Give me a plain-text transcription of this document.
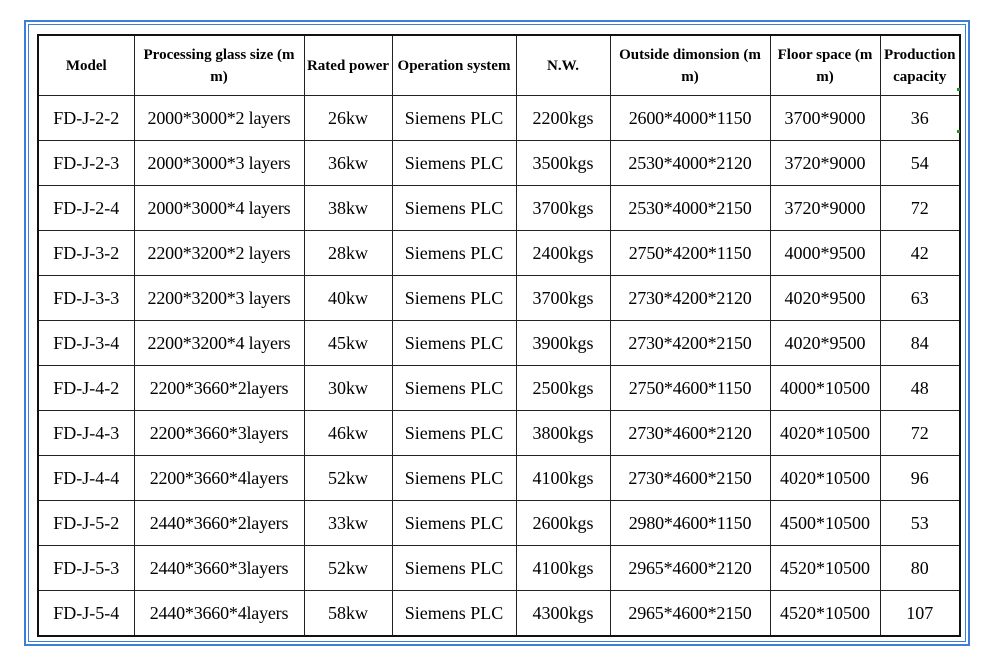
Model	Processing glass size (mm)	Rated power	Operation system	N.W.	Outside dimonsion (mm)	Floor space (mm)	Production capacity
FD-J-2-2	2000*3000*2 layers	26kw	Siemens PLC	2200kgs	2600*4000*1150	3700*9000	36
FD-J-2-3	2000*3000*3 layers	36kw	Siemens PLC	3500kgs	2530*4000*2120	3720*9000	54
FD-J-2-4	2000*3000*4 layers	38kw	Siemens PLC	3700kgs	2530*4000*2150	3720*9000	72
FD-J-3-2	2200*3200*2 layers	28kw	Siemens PLC	2400kgs	2750*4200*1150	4000*9500	42
FD-J-3-3	2200*3200*3 layers	40kw	Siemens PLC	3700kgs	2730*4200*2120	4020*9500	63
FD-J-3-4	2200*3200*4 layers	45kw	Siemens PLC	3900kgs	2730*4200*2150	4020*9500	84
FD-J-4-2	2200*3660*2layers	30kw	Siemens PLC	2500kgs	2750*4600*1150	4000*10500	48
FD-J-4-3	2200*3660*3layers	46kw	Siemens PLC	3800kgs	2730*4600*2120	4020*10500	72
FD-J-4-4	2200*3660*4layers	52kw	Siemens PLC	4100kgs	2730*4600*2150	4020*10500	96
FD-J-5-2	2440*3660*2layers	33kw	Siemens PLC	2600kgs	2980*4600*1150	4500*10500	53
FD-J-5-3	2440*3660*3layers	52kw	Siemens PLC	4100kgs	2965*4600*2120	4520*10500	80
FD-J-5-4	2440*3660*4layers	58kw	Siemens PLC	4300kgs	2965*4600*2150	4520*10500	107
